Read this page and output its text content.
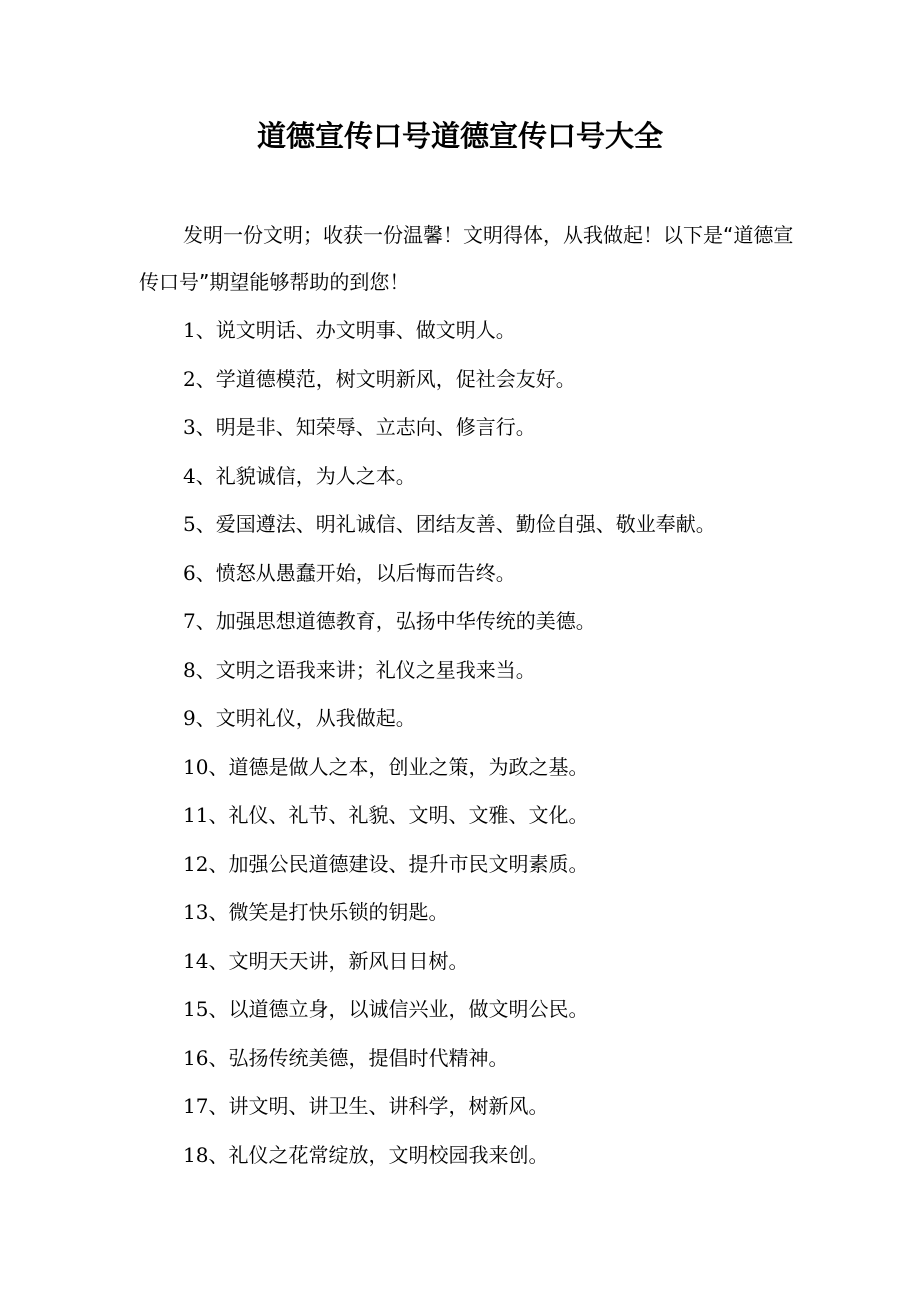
道德宣传口号道德宣传口号大全
发明一份文明；收获一份温馨！文明得体，从我做起！以下是“道德宣传口号”期望能够帮助的到您！
1、说文明话、办文明事、做文明人。
2、学道德模范，树文明新风，促社会友好。
3、明是非、知荣辱、立志向、修言行。
4、礼貌诚信，为人之本。
5、爱国遵法、明礼诚信、团结友善、勤俭自强、敬业奉献。
6、愤怒从愚蠢开始，以后悔而告终。
7、加强思想道德教育，弘扬中华传统的美德。
8、文明之语我来讲；礼仪之星我来当。
9、文明礼仪，从我做起。
10、道德是做人之本，创业之策，为政之基。
11、礼仪、礼节、礼貌、文明、文雅、文化。
12、加强公民道德建设、提升市民文明素质。
13、微笑是打快乐锁的钥匙。
14、文明天天讲，新风日日树。
15、以道德立身，以诚信兴业，做文明公民。
16、弘扬传统美德，提倡时代精神。
17、讲文明、讲卫生、讲科学，树新风。
18、礼仪之花常绽放，文明校园我来创。
